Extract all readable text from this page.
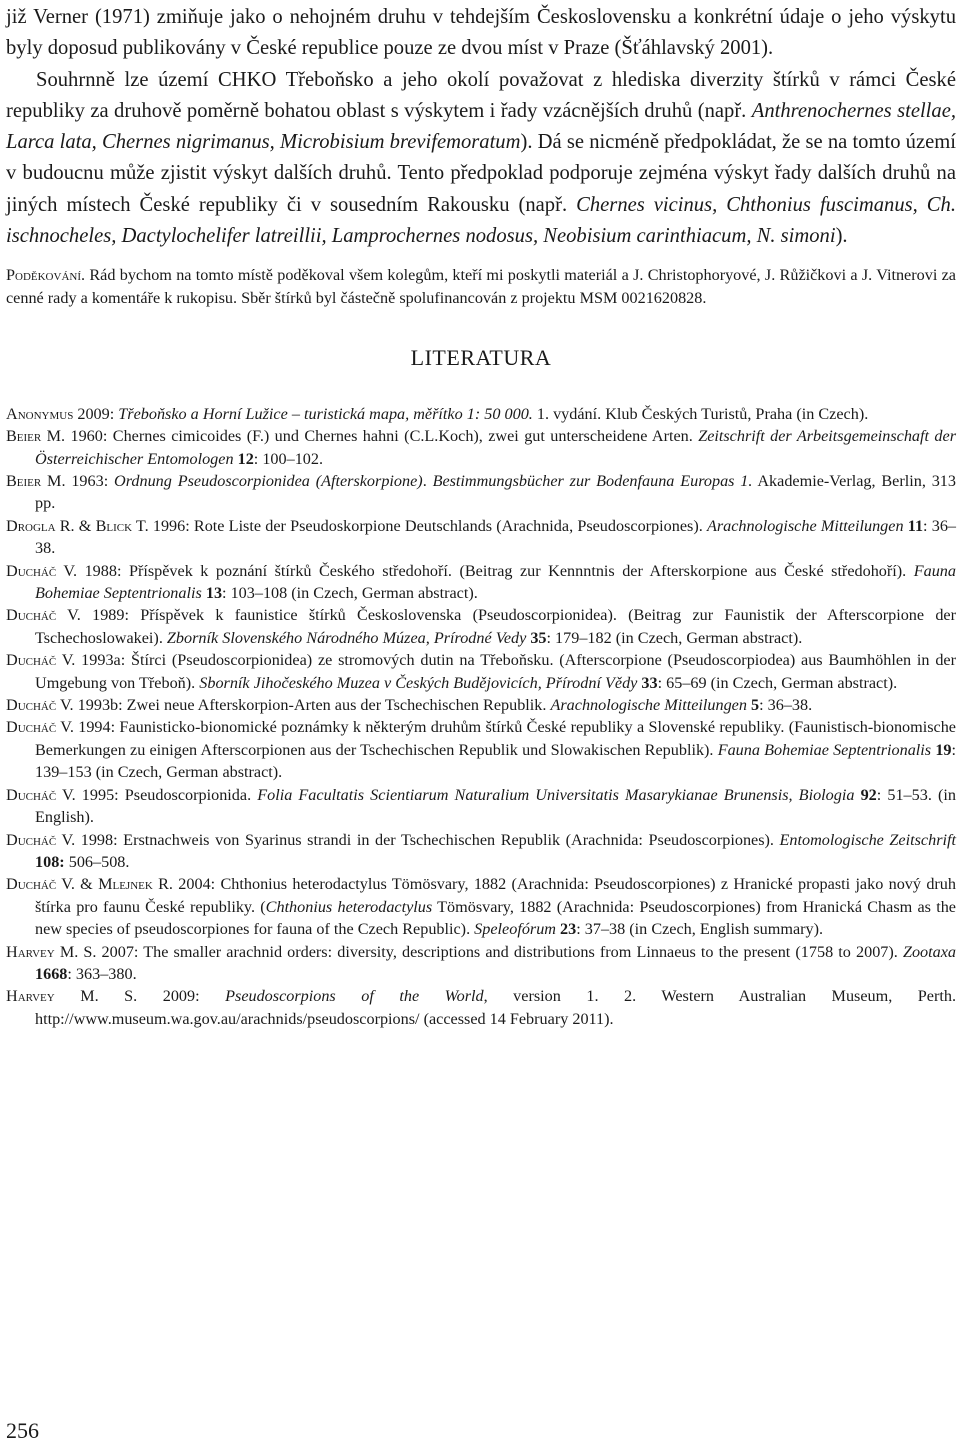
již Verner (1971) zmiňuje jako o nehojném druhu v tehdejším Československu a konkrétní údaje o jeho výskytu byly doposud publikovány v České republice pouze ze dvou míst v Praze (Šťáhlavský 2001).

Souhrnně lze území CHKO Třeboňsko a jeho okolí považovat z hlediska diverzity štírků v rámci České republiky za druhově poměrně bohatou oblast s výskytem i řady vzácnějších druhů (např. Anthrenochernes stellae, Larca lata, Chernes nigrimanus, Microbisium brevifemoratum). Dá se nicméně předpokládat, že se na tomto území v budoucnu může zjistit výskyt dalších druhů. Tento předpoklad podporuje zejména výskyt řady dalších druhů na jiných místech České republiky či v sousedním Rakousku (např. Chernes vicinus, Chthonius fuscimanus, Ch. ischnocheles, Dactylochelifer latreillii, Lamprochernes nodosus, Neobisium carinthiacum, N. simoni).

Poděkování. Rád bychom na tomto místě poděkoval všem kolegům, kteří mi poskytli materiál a J. Christophoryové, J. Růžičkovi a J. Vitnerovi za cenné rady a komentáře k rukopisu. Sběr štírků byl částečně spolufinancován z projektu MSM 0021620828.

LITERATURA

Anonymus 2009: Třeboňsko a Horní Lužice – turistická mapa, měřítko 1: 50 000. 1. vydání. Klub Českých Turistů, Praha (in Czech).

Beier M. 1960: Chernes cimicoides (F.) und Chernes hahni (C.L.Koch), zwei gut unterscheidene Arten. Zeitschrift der Arbeitsgemeinschaft der Österreichischer Entomologen 12: 100–102.

Beier M. 1963: Ordnung Pseudoscorpionidea (Afterskorpione). Bestimmungsbücher zur Bodenfauna Europas 1. Akademie-Verlag, Berlin, 313 pp.

Drogla R. & Blick T. 1996: Rote Liste der Pseudoskorpione Deutschlands (Arachnida, Pseudoscorpiones). Arachnologische Mitteilungen 11: 36–38.

Ducháč V. 1988: Příspěvek k poznání štírků Českého středohoří. (Beitrag zur Kennntnis der Afterskorpione aus České středohoří). Fauna Bohemiae Septentrionalis 13: 103–108 (in Czech, German abstract).

Ducháč V. 1989: Příspěvek k faunistice štírků Československa (Pseudoscorpionidea). (Beitrag zur Faunistik der Afterscorpione der Tschechoslowakei). Zborník Slovenského Národného Múzea, Prírodné Vedy 35: 179–182 (in Czech, German abstract).

Ducháč V. 1993a: Štírci (Pseudoscorpionidea) ze stromových dutin na Třeboňsku. (Afterscorpione (Pseudoscorpiodea) aus Baumhöhlen in der Umgebung von Třeboň). Sborník Jihočeského Muzea v Českých Budějovicích, Přírodní Vědy 33: 65–69 (in Czech, German abstract).

Ducháč V. 1993b: Zwei neue Afterskorpion-Arten aus der Tschechischen Republik. Arachnologische Mitteilungen 5: 36–38.

Ducháč V. 1994: Faunisticko-bionomické poznámky k některým druhům štírků České republiky a Slovenské republiky. (Faunistisch-bionomische Bemerkungen zu einigen Afterscorpionen aus der Tschechischen Republik und Slowakischen Republik). Fauna Bohemiae Septentrionalis 19: 139–153 (in Czech, German abstract).

Ducháč V. 1995: Pseudoscorpionida. Folia Facultatis Scientiarum Naturalium Universitatis Masarykianae Brunensis, Biologia 92: 51–53. (in English).

Ducháč V. 1998: Erstnachweis von Syarinus strandi in der Tschechischen Republik (Arachnida: Pseudoscorpiones). Entomologische Zeitschrift 108: 506–508.

Ducháč V. & Mlejnek R. 2004: Chthonius heterodactylus Tömösvary, 1882 (Arachnida: Pseudoscorpiones) z Hranické propasti jako nový druh štírka pro faunu České republiky. (Chthonius heterodactylus Tömösvary, 1882 (Arachnida: Pseudoscorpiones) from Hranická Chasm as the new species of pseudoscorpiones for fauna of the Czech Republic). Speleofórum 23: 37–38 (in Czech, English summary).

Harvey M. S. 2007: The smaller arachnid orders: diversity, descriptions and distributions from Linnaeus to the present (1758 to 2007). Zootaxa 1668: 363–380.

Harvey M. S. 2009: Pseudoscorpions of the World, version 1. 2. Western Australian Museum, Perth. http://www.museum.wa.gov.au/arachnids/pseudoscorpions/ (accessed 14 February 2011).

256
